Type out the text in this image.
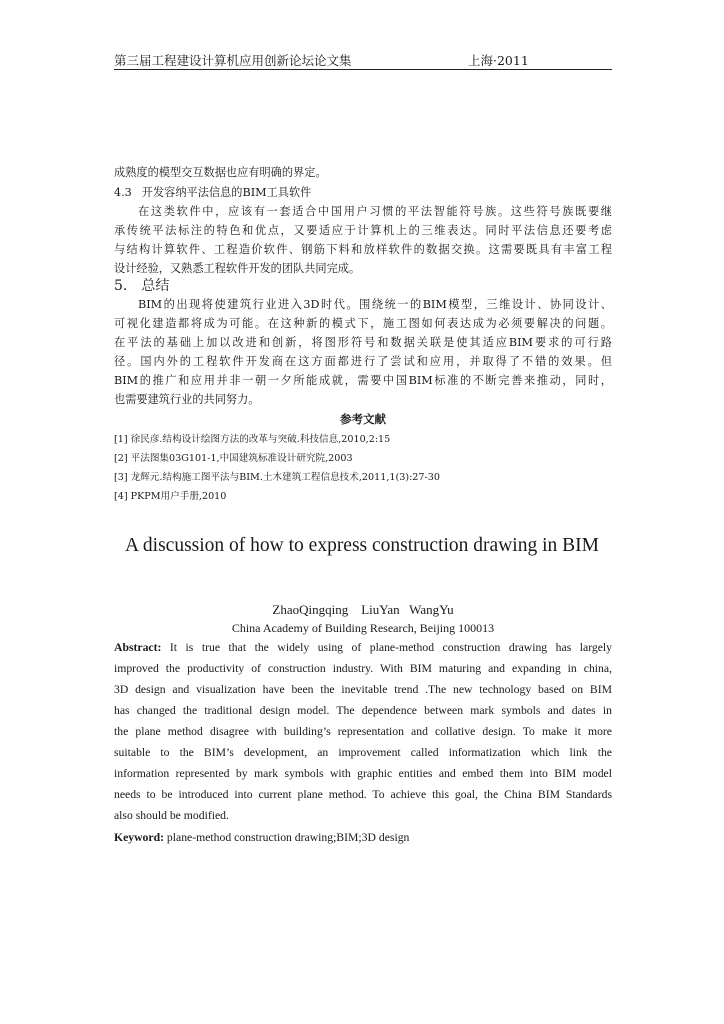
第三届工程建设计算机应用创新论坛论文集	上海·2011
成熟度的模型交互数据也应有明确的界定。
4.3 开发容纳平法信息的BIM工具软件
在这类软件中，应该有一套适合中国用户习惯的平法智能符号族。这些符号族既要继
承传统平法标注的特色和优点，又要适应于计算机上的三维表达。同时平法信息还要考虑
与结构计算软件、工程造价软件、钢筋下料和放样软件的数据交换。这需要既具有丰富工程
设计经验，又熟悉工程软件开发的团队共同完成。
5. 总结
BIM的出现将使建筑行业进入3D时代。围绕统一的BIM模型，三维设计、协同设计、
可视化建造都将成为可能。在这种新的模式下，施工图如何表达成为必须要解决的问题。
在平法的基础上加以改进和创新，将图形符号和数据关联是使其适应BIM要求的可行路
径。国内外的工程软件开发商在这方面都进行了尝试和应用，并取得了不错的效果。但
BIM的推广和应用并非一朝一夕所能成就，需要中国BIM标准的不断完善来推动，同时，
也需要建筑行业的共同努力。
参考文献
[1] 徐民彦.结构设计绘图方法的改革与突破.科技信息,2010,2:15
[2] 平法图集03G101-1,中国建筑标准设计研究院,2003
[3] 龙辉元.结构施工图平法与BIM.土木建筑工程信息技术,2011,1(3):27-30
[4] PKPM用户手册,2010
A discussion of how to express construction drawing in BIM
ZhaoQingqing    LiuYan   WangYu
China Academy of Building Research, Beijing 100013
Abstract: It is true that the widely using of plane-method construction drawing has largely
improved the productivity of construction industry. With BIM maturing and expanding in china,
3D design and visualization have been the inevitable trend .The new technology based on BIM
has changed the traditional design model. The dependence between mark symbols and dates in
the plane method disagree with building’s representation and collative design. To make it more
suitable to the BIM’s development, an improvement called informatization which link the
information represented by mark symbols with graphic entities and embed them into BIM model
needs to be introduced into current plane method. To achieve this goal, the China BIM Standards
also should be modified.
Keyword: plane-method construction drawing;BIM;3D design
